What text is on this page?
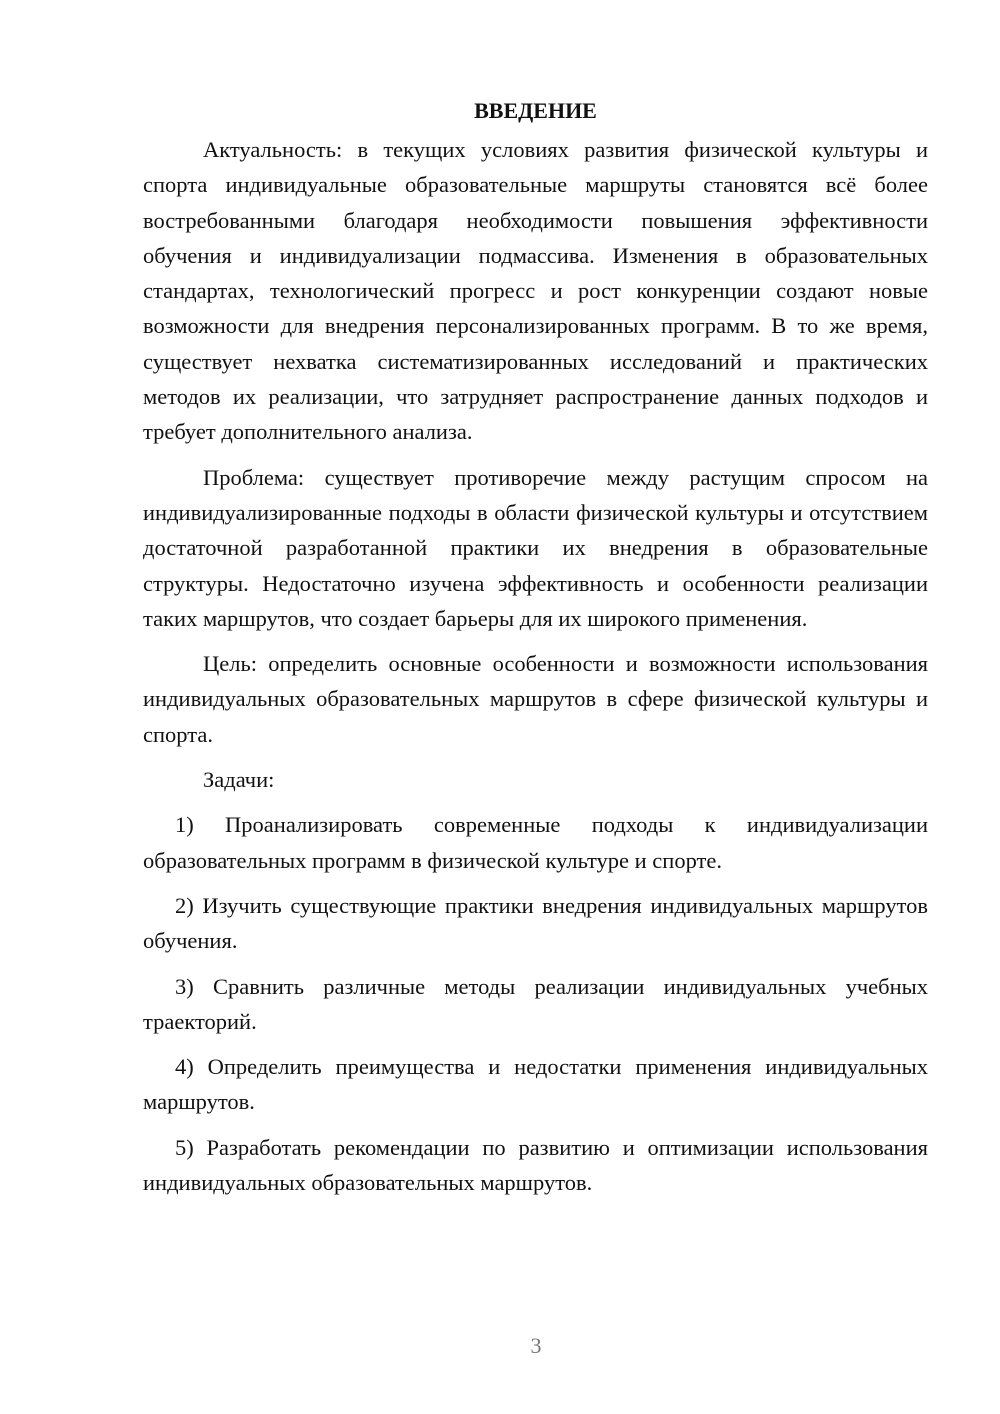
ВВЕДЕНИЕ

Актуальность: в текущих условиях развития физической культуры и спорта индивидуальные образовательные маршруты становятся всё более востребованными благодаря необходимости повышения эффективности обучения и индивидуализации подмассива. Изменения в образовательных стандартах, технологический прогресс и рост конкуренции создают новые возможности для внедрения персонализированных программ. В то же время, существует нехватка систематизированных исследований и практических методов их реализации, что затрудняет распространение данных подходов и требует дополнительного анализа.

Проблема: существует противоречие между растущим спросом на индивидуализированные подходы в области физической культуры и отсутствием достаточной разработанной практики их внедрения в образовательные структуры. Недостаточно изучена эффективность и особенности реализации таких маршрутов, что создает барьеры для их широкого применения.

Цель: определить основные особенности и возможности использования индивидуальных образовательных маршрутов в сфере физической культуры и спорта.

Задачи:

1) Проанализировать современные подходы к индивидуализации образовательных программ в физической культуре и спорте.

2) Изучить существующие практики внедрения индивидуальных маршрутов обучения.

3) Сравнить различные методы реализации индивидуальных учебных траекторий.

4) Определить преимущества и недостатки применения индивидуальных маршрутов.

5) Разработать рекомендации по развитию и оптимизации использования индивидуальных образовательных маршрутов.

3
